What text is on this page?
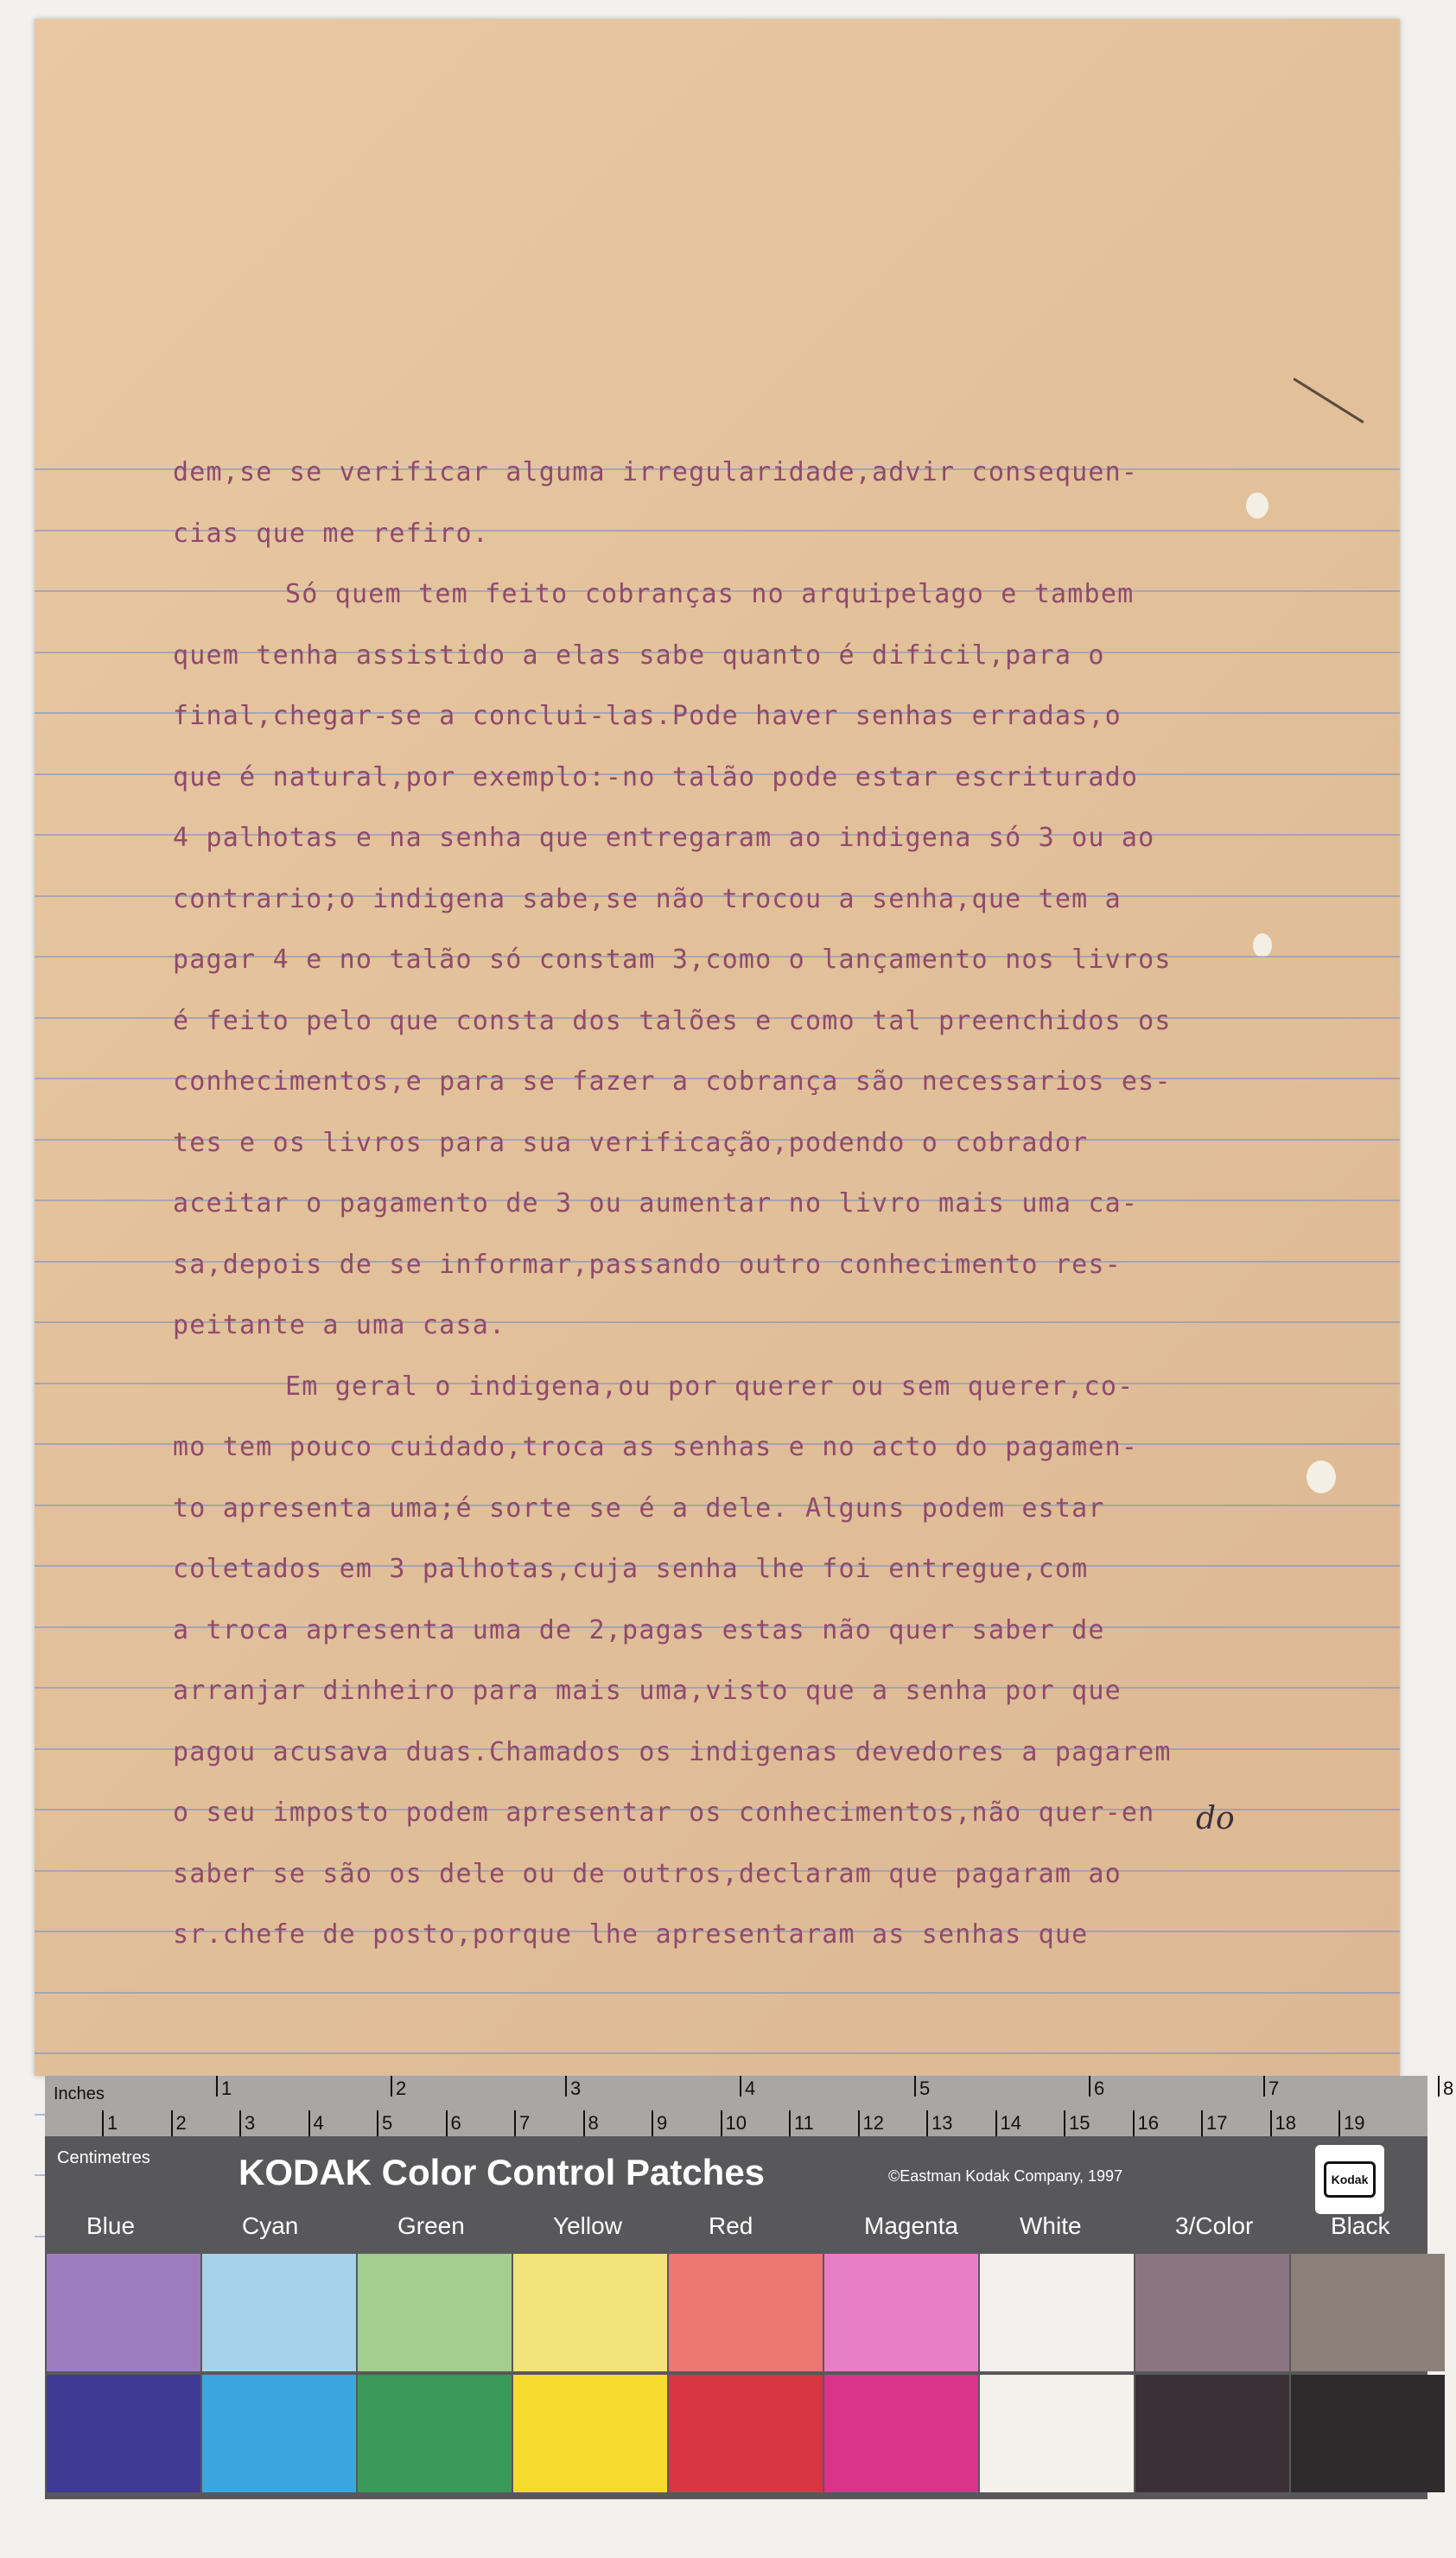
dem,se se verificar alguma irregularidade,advir consequen-
cias que me refiro.
Só quem tem feito cobranças no arquipelago e tambem
quem tenha assistido a elas sabe quanto é dificil,para o
final,chegar-se a conclui-las.Pode haver senhas erradas,o
que é natural,por exemplo:-no talão pode estar escriturado
4 palhotas e na senha que entregaram ao indigena só 3 ou ao
contrario;o indigena sabe,se não trocou a senha,que tem a
pagar 4 e no talão só constam 3,como o lançamento nos livros
é feito pelo que consta dos talões e como tal preenchidos os
conhecimentos,e para se fazer a cobrança são necessarios es-
tes e os livros para sua verificação,podendo o cobrador
aceitar o pagamento de 3 ou aumentar no livro mais uma ca-
sa,depois de se informar,passando outro conhecimento res-
peitante a uma casa.
Em geral o indigena,ou por querer ou sem querer,co-
mo tem pouco cuidado,troca as senhas e no acto do pagamen-
to apresenta uma;é sorte se é a dele. Alguns podem estar
coletados em 3 palhotas,cuja senha lhe foi entregue,com
a troca apresenta uma de 2,pagas estas não quer saber de
arranjar dinheiro para mais uma,visto que a senha por que
pagou acusava duas.Chamados os indigenas devedores a pagarem
o seu imposto podem apresentar os conhecimentos,não quer-en
saber se são os dele ou de outros,declaram que pagaram ao
sr.chefe de posto,porque lhe apresentaram as senhas que
do
Inches	1	2	3	4	5	6	7	8
1	2	3	4	5	6	7	8	9	10	11	12	13	14	15	16	17	18	19
Centimetres KODAK Color Control Patches	©Eastman Kodak Company, 1997	Kodak
Blue	Cyan	Green	Yellow	Red	Magenta	White	3/Color	Black
